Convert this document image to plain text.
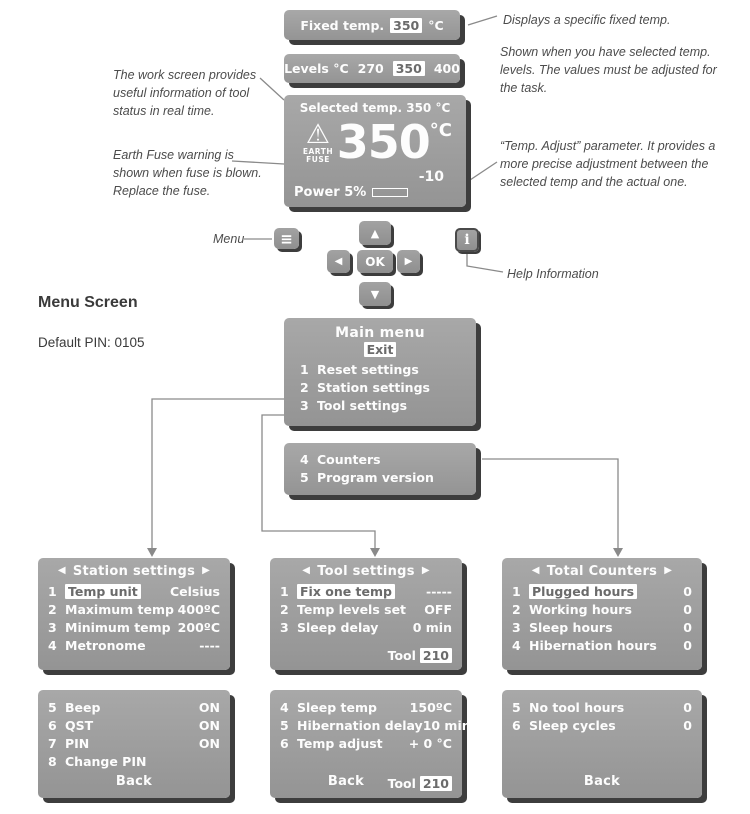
Displays a specific fixed temp.
Shown when you have selected temp. levels. The values must be adjusted for the task.
The work screen provides useful information of tool status in real time.
Earth Fuse warning is shown when fuse is blown. Replace the fuse.
“Temp. Adjust” parameter. It provides a more precise adjustment between the selected temp and the actual one.
Menu
Help Information
Menu Screen
Default PIN: 0105
Fixed temp. 350 °C
Levels °C 270 350 400
Selected temp. 350 °C
⚠
EARTH
FUSE 350 °C
-10
Power 5%
≡	▲
◀ OK ▶
▼
i
Main menu
Exit
1 Reset settings
2 Station settings
3 Tool settings
4 Counters
5 Program version
◀ Station settings ▶
1 Temp unit	Celsius
2 Maximum temp 400ºC
3 Minimum temp 200ºC
4 Metronome	----
5 Beep	ON
6 QST	ON
7 PIN	ON
8 Change PIN
Back
◀ Tool settings ▶
1 Fix one temp	-----
2 Temp levels set OFF
3 Sleep delay	0 min
Tool 210
4 Sleep temp	150ºC
5 Hibernation delay 10 min
6 Temp adjust + 0 °C
Back	Tool 210
◀ Total Counters ▶
1 Plugged hours	0
2 Working hours	0
3 Sleep hours	0
4 Hibernation hours 0
5 No tool hours	0
6 Sleep cycles	0
Back
